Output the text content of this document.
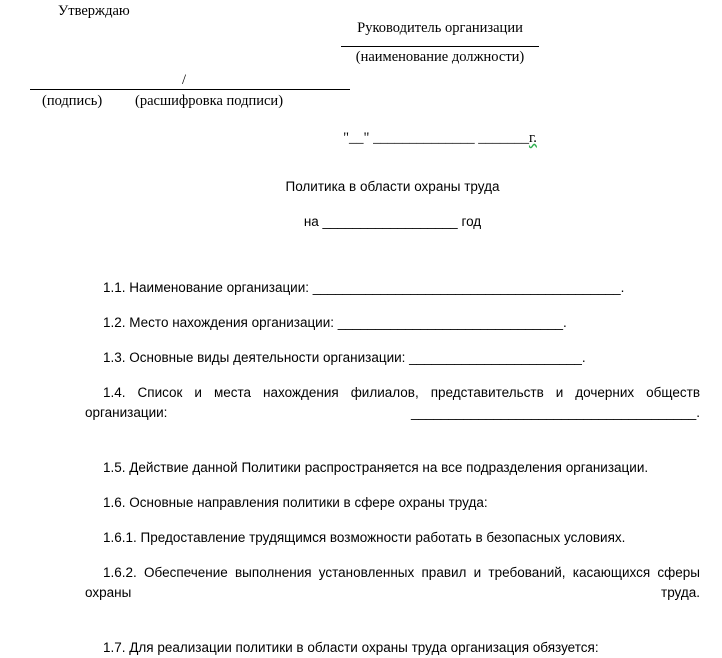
Утверждаю
Руководитель организации
(наименование должности)
/
(подпись) (расшифровка подписи)
"__" ______________ _______г.
Политика в области охраны труда
на __________________ год

1.1. Наименование организации: _________________________________________.

1.2. Место нахождения организации: ______________________________.

1.3. Основные виды деятельности организации: _______________________.

1.4. Список и места нахождения филиалов, представительств и дочерних обществ организации: ______________________________________.

1.5. Действие данной Политики распространяется на все подразделения организации.

1.6. Основные направления политики в сфере охраны труда:

1.6.1. Предоставление трудящимся возможности работать в безопасных условиях.

1.6.2. Обеспечение выполнения установленных правил и требований, касающихся сферы охраны труда.

1.7. Для реализации политики в области охраны труда организация обязуется:
